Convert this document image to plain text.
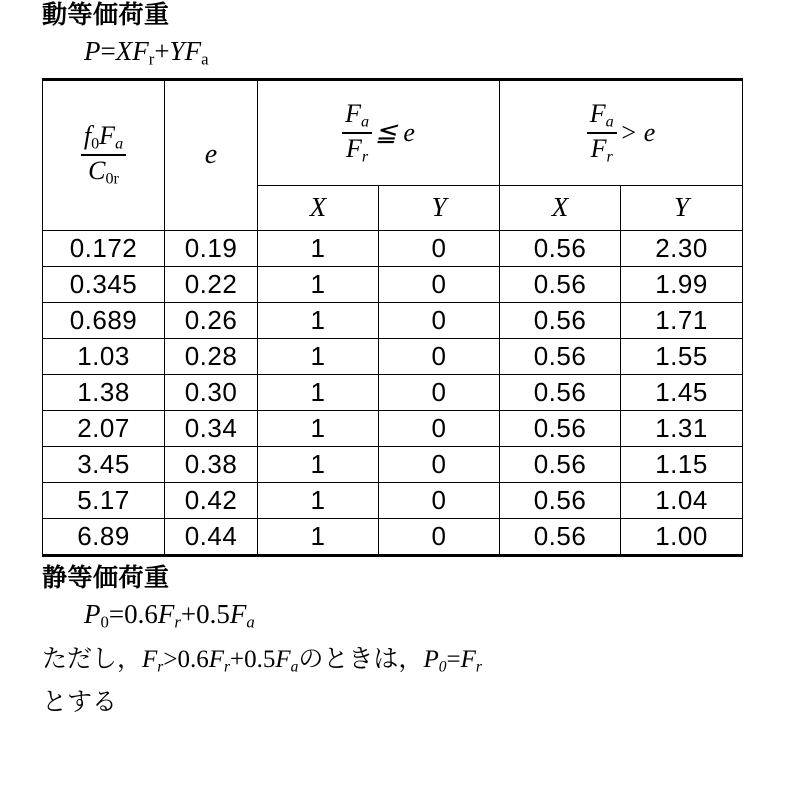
動等価荷重
$P=XF_r+YF_a$
$\frac{f_0F_a}{C_{0r}}$	e	$\frac{F_a}{F_r}$ ≦ e		$\frac{F_a}{F_r} > e$	
		X	Y	X	Y
0.172	0.19	1	0	0.56	2.30
0.345	0.22	1	0	0.56	1.99
0.689	0.26	1	0	0.56	1.71
1.03	0.28	1	0	0.56	1.55
1.38	0.30	1	0	0.56	1.45
2.07	0.34	1	0	0.56	1.31
3.45	0.38	1	0	0.56	1.15
5.17	0.42	1	0	0.56	1.04
6.89	0.44	1	0	0.56	1.00
静等価荷重
$P_0=0.6F_r+0.5F_a$
ただし，$F_r>0.6F_r+0.5F_a$のときは，$P_0=F_r$
とする
